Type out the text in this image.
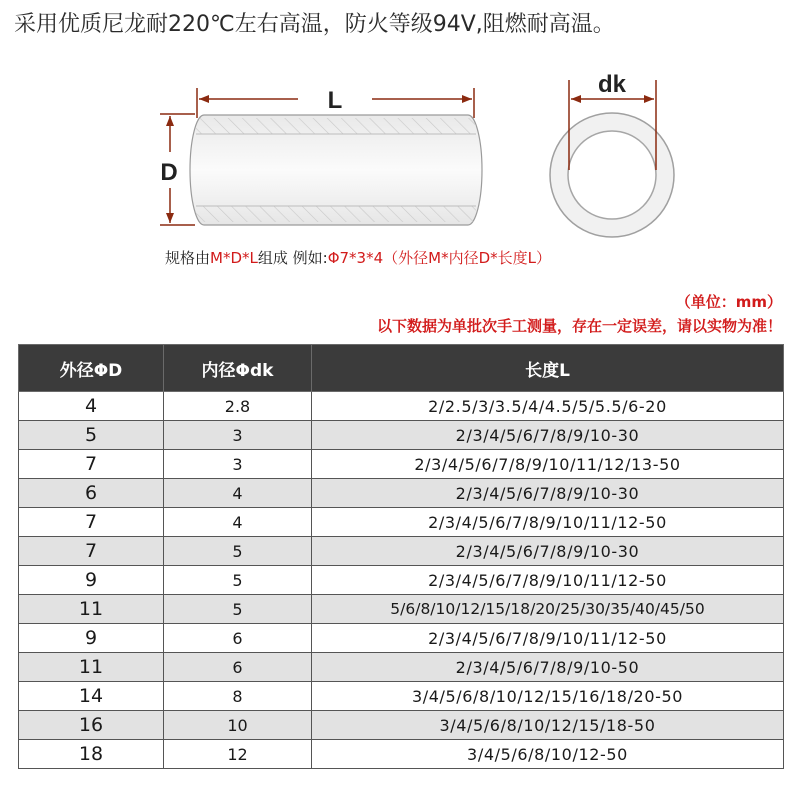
采用优质尼龙耐220℃左右高温，防火等级94V,阻燃耐高温。
L
D
dk
规格由M*D*L组成 例如:Φ7*3*4（外径M*内径D*长度L）
（单位：mm）
以下数据为单批次手工测量，存在一定误差，请以实物为准！
外径ΦD	内径Φdk	长度L
4	2.8	2/2.5/3/3.5/4/4.5/5/5.5/6-20
5	3	2/3/4/5/6/7/8/9/10-30
7	3	2/3/4/5/6/7/8/9/10/11/12/13-50
6	4	2/3/4/5/6/7/8/9/10-30
7	4	2/3/4/5/6/7/8/9/10/11/12-50
7	5	2/3/4/5/6/7/8/9/10-30
9	5	2/3/4/5/6/7/8/9/10/11/12-50
11	5	5/6/8/10/12/15/18/20/25/30/35/40/45/50
9	6	2/3/4/5/6/7/8/9/10/11/12-50
11	6	2/3/4/5/6/7/8/9/10-50
14	8	3/4/5/6/8/10/12/15/16/18/20-50
16	10	3/4/5/6/8/10/12/15/18-50
18	12	3/4/5/6/8/10/12-50
